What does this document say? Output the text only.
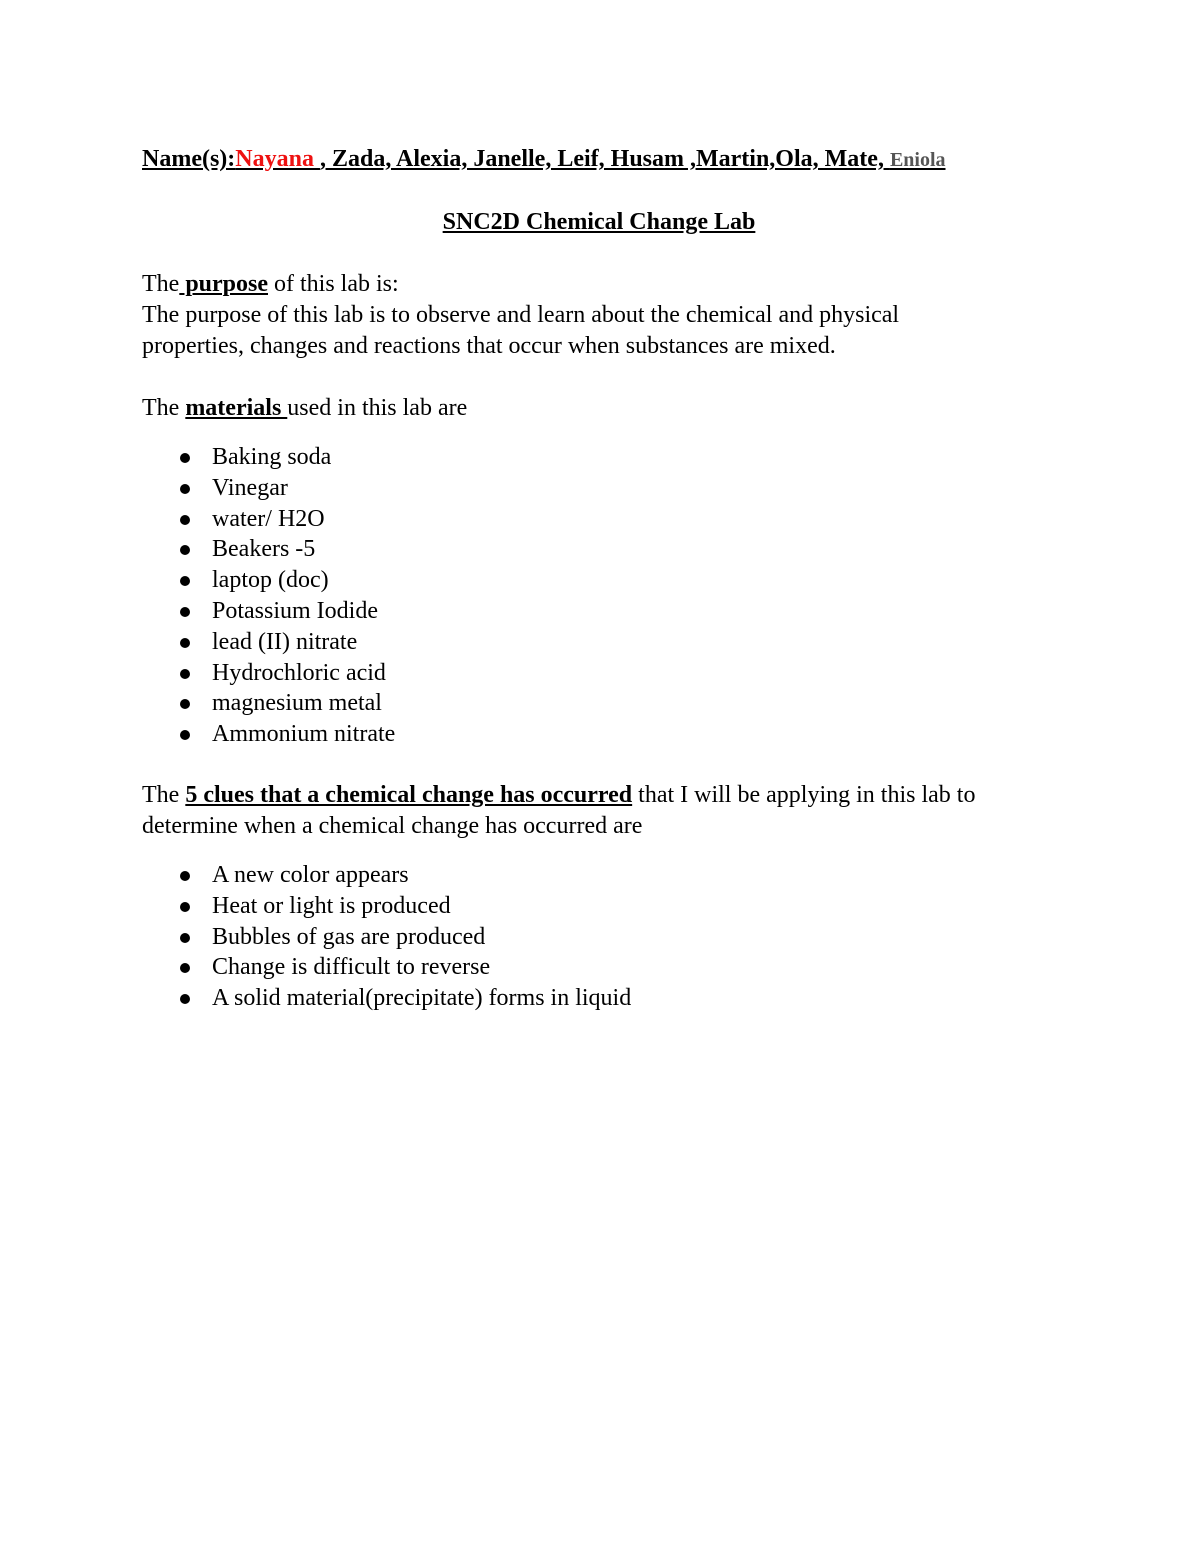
Name(s):Nayana , Zada, Alexia, Janelle, Leif, Husam ,Martin,Ola, Mate, Eniola
SNC2D Chemical Change Lab
The purpose of this lab is:
The purpose of this lab is to observe and learn about the chemical and physical
properties, changes and reactions that occur when substances are mixed.
The materials used in this lab are
Baking soda
Vinegar
water/ H2O
Beakers -5
laptop (doc)
Potassium Iodide
lead (II) nitrate
Hydrochloric acid
magnesium metal
Ammonium nitrate
The 5 clues that a chemical change has occurred that I will be applying in this lab to
determine when a chemical change has occurred are
A new color appears
Heat or light is produced
Bubbles of gas are produced
Change is difficult to reverse
A solid material(precipitate) forms in liquid
